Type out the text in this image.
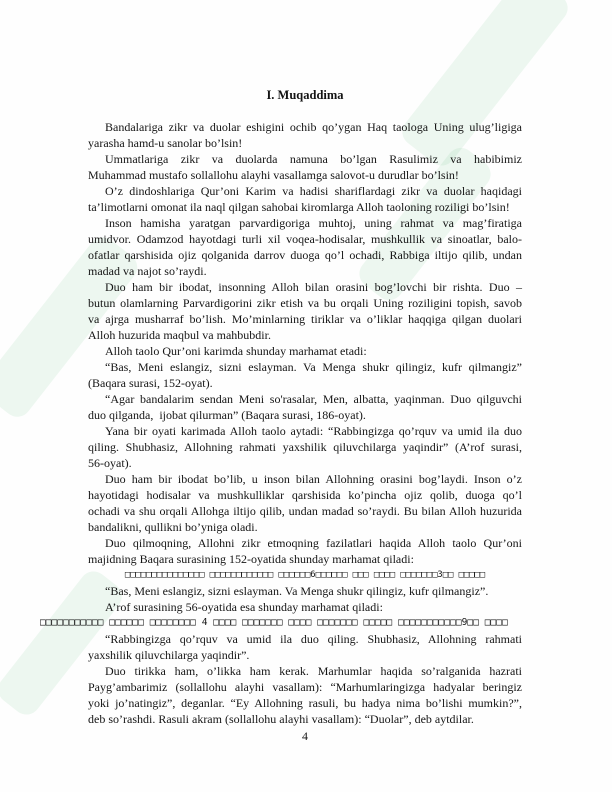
I. Muqaddima
Bandalariga zikr va duolar eshigini ochib qo’ygan Haq taologa Uning ulug’ligiga
yarasha hamd-u sanolar bo’lsin!
Ummatlariga zikr va duolarda namuna bo’lgan Rasulimiz va habibimiz
Muhammad mustafo sollallohu alayhi vasallamga salovot-u durudlar bo’lsin!
O’z dindoshlariga Qur’oni Karim va hadisi shariflardagi zikr va duolar haqidagi
ta’limotlarni omonat ila naql qilgan sahobai kiromlarga Alloh taoloning roziligi bo’lsin!
Inson hamisha yaratgan parvardigoriga muhtoj, uning rahmat va mag’firatiga
umidvor. Odamzod hayotdagi turli xil voqea-hodisalar, mushkullik va sinoatlar, balo-
ofatlar qarshisida ojiz qolganida darrov duoga qo’l ochadi, Rabbiga iltijo qilib, undan
madad va najot so’raydi.
Duo ham bir ibodat, insonning Alloh bilan orasini bog’lovchi bir rishta. Duo –
butun olamlarning Parvardigorini zikr etish va bu orqali Uning roziligini topish, savob
va ajrga musharraf bo’lish. Mo’minlarning tiriklar va o’liklar haqqiga qilgan duolari
Alloh huzurida maqbul va mahbubdir.
Alloh taolo Qur’oni karimda shunday marhamat etadi:
“Bas, Meni eslangiz, sizni eslayman. Va Menga shukr qilingiz, kufr qilmangiz”
(Baqara surasi, 152-oyat).
“Agar bandalarim sendan Meni so'rasalar, Men, albatta, yaqinman. Duo qilguvchi
duo qilganda,  ijobat qilurman” (Baqara surasi, 186-oyat).
Yana bir oyati karimada Alloh taolo aytadi: “Rabbingizga qo’rquv va umid ila duo
qiling. Shubhasiz, Allohning rahmati yaxshilik qiluvchilarga yaqindir” (A’rof surasi,
56-oyat).
Duo ham bir ibodat bo’lib, u inson bilan Allohning orasini bog’laydi. Inson o’z
hayotidagi hodisalar va mushkulliklar qarshisida ko’pincha ojiz qolib, duoga qo’l
ochadi va shu orqali Allohga iltijo qilib, undan madad so’raydi. Bu bilan Alloh huzurida
bandalikni, qullikni bo’yniga oladi.
Duo qilmoqning, Allohni zikr etmoqning fazilatlari haqida Alloh taolo Qur’oni
majidning Baqara surasining 152-oyatida shunday marhamat qiladi:
□□□□□□□□□□□□□□□ □□□□□□□□□□□□ □□□□□□6□□□□□□ □□□ □□□□ □□□□□□□3□□ □□□□□
“Bas, Meni eslangiz, sizni eslayman. Va Menga shukr qilingiz, kufr qilmangiz”.
A’rof surasining 56-oyatida esa shunday marhamat qiladi:
□□□□□□□□□□□ □□□□□□ □□□□□□□□ 4 □□□□ □□□□□□□ □□□□ □□□□□□□ □□□□□ □□□□□□□□□□□9□□ □□□□
“Rabbingizga qo’rquv va umid ila duo qiling. Shubhasiz, Allohning rahmati
yaxshilik qiluvchilarga yaqindir”.
Duo tirikka ham, o’likka ham kerak. Marhumlar haqida so’ralganida hazrati
Payg’ambarimiz (sollallohu alayhi vasallam): “Marhumlaringizga hadyalar beringiz
yoki jo’natingiz”, deganlar. “Ey Allohning rasuli, bu hadya nima bo’lishi mumkin?”,
deb so’rashdi. Rasuli akram (sollallohu alayhi vasallam): “Duolar”, deb aytdilar.
4
